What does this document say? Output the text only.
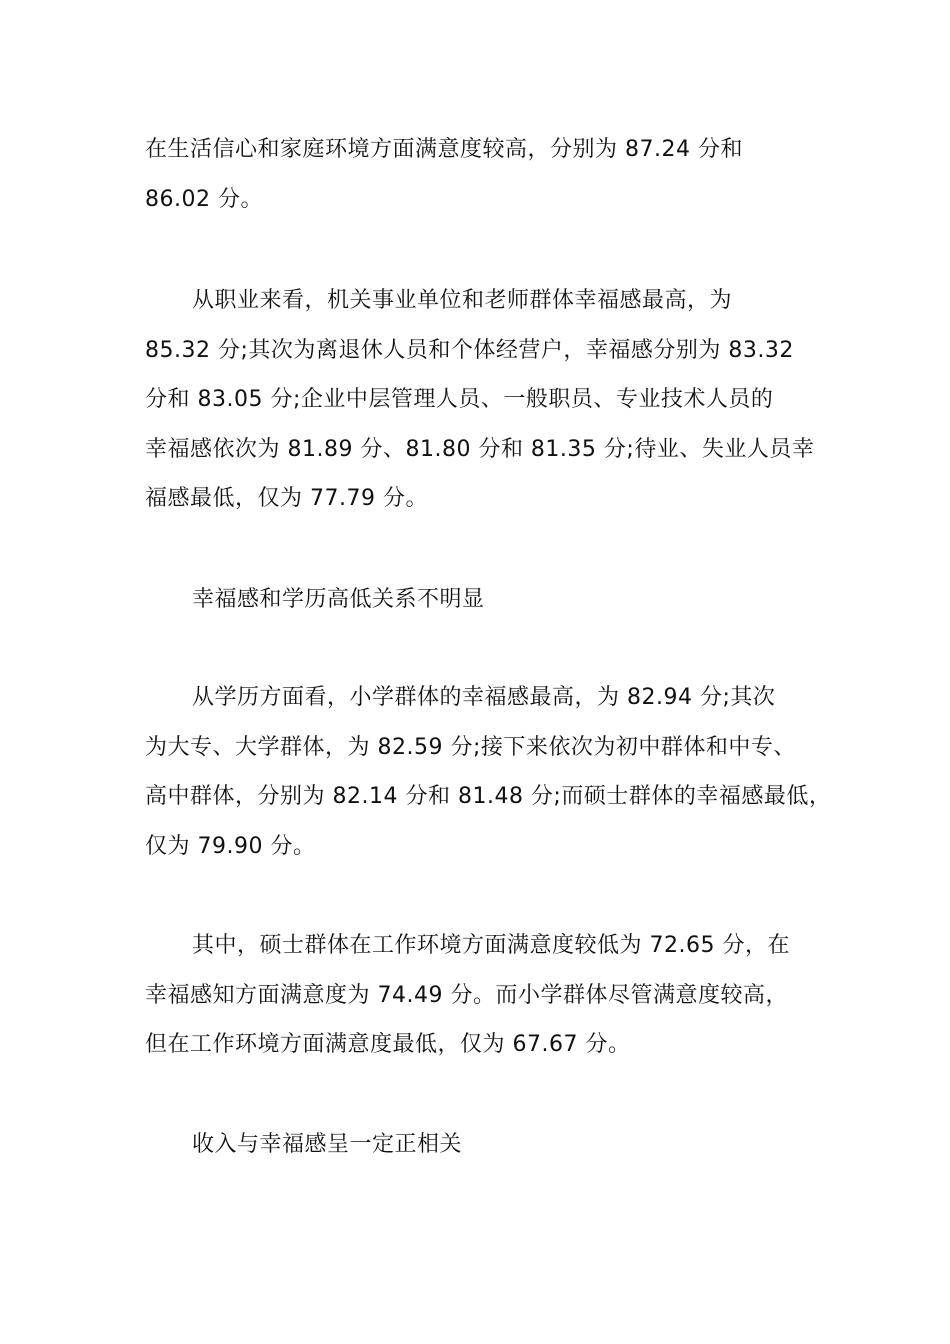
在生活信心和家庭环境方面满意度较高，分别为 87.24 分和
86.02 分。
从职业来看，机关事业单位和老师群体幸福感最高，为
85.32 分;其次为离退休人员和个体经营户，幸福感分别为 83.32
分和 83.05 分;企业中层管理人员、一般职员、专业技术人员的
幸福感依次为 81.89 分、81.80 分和 81.35 分;待业、失业人员幸
福感最低，仅为 77.79 分。
幸福感和学历高低关系不明显
从学历方面看，小学群体的幸福感最高，为 82.94 分;其次
为大专、大学群体，为 82.59 分;接下来依次为初中群体和中专、
高中群体，分别为 82.14 分和 81.48 分;而硕士群体的幸福感最低，
仅为 79.90 分。
其中，硕士群体在工作环境方面满意度较低为 72.65 分，在
幸福感知方面满意度为 74.49 分。而小学群体尽管满意度较高，
但在工作环境方面满意度最低，仅为 67.67 分。
收入与幸福感呈一定正相关
